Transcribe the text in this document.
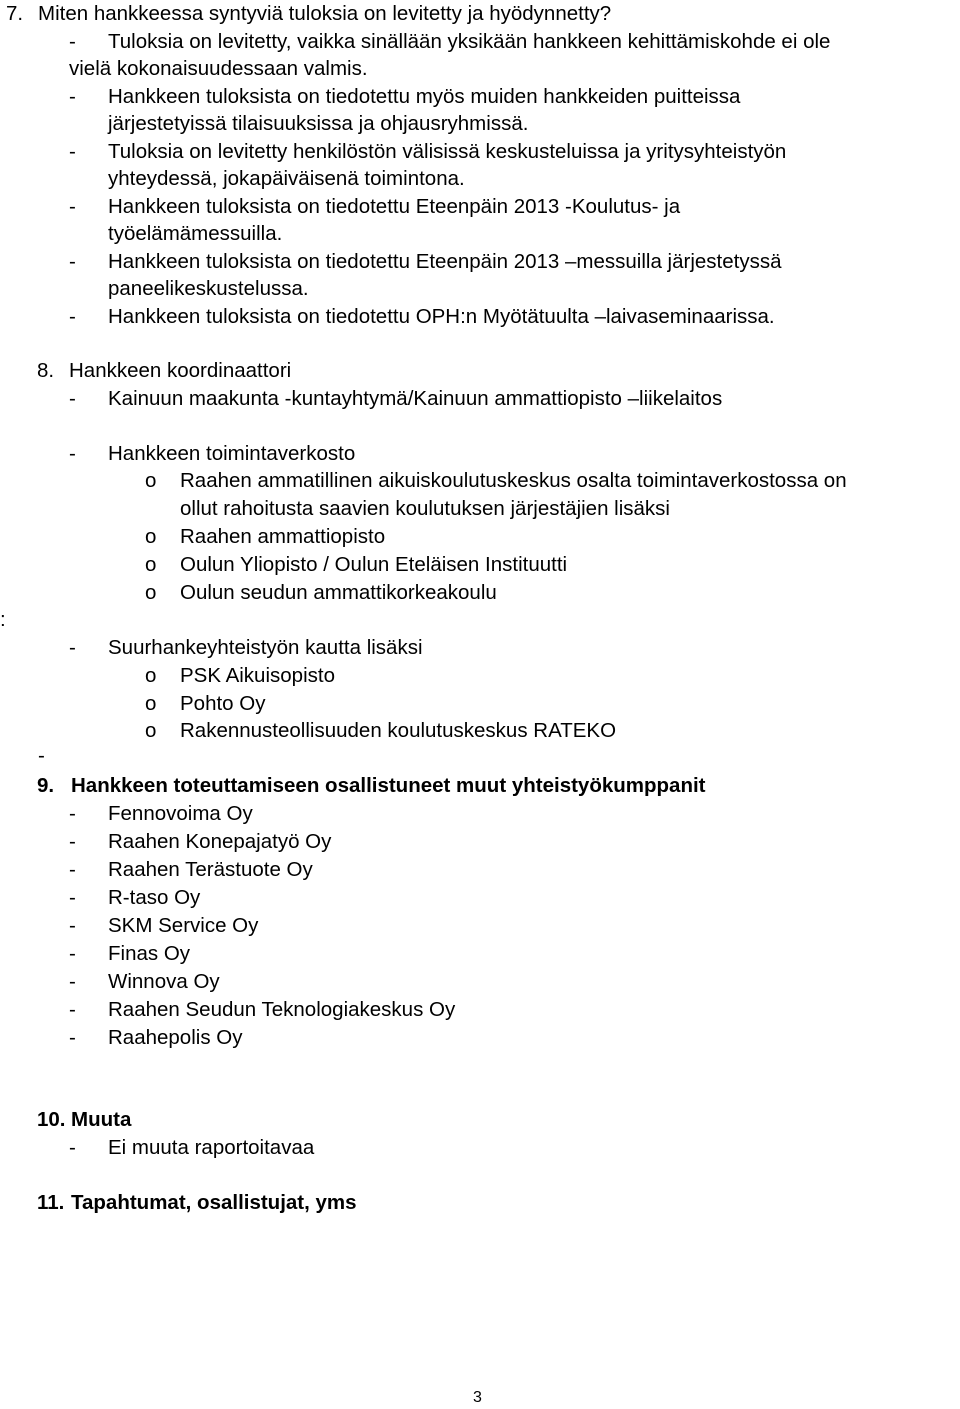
7. Miten hankkeessa syntyviä tuloksia on levitetty ja hyödynnetty?
- Tuloksia on levitetty, vaikka sinällään yksikään hankkeen kehittämiskohde ei ole
vielä kokonaisuudessaan valmis.
- Hankkeen tuloksista on tiedotettu myös muiden hankkeiden puitteissa
järjestetyissä tilaisuuksissa ja ohjausryhmissä.
- Tuloksia on levitetty henkilöstön välisissä keskusteluissa ja yritysyhteistyön
yhteydessä, jokapäiväisenä toimintona.
- Hankkeen tuloksista on tiedotettu Eteenpäin 2013 -Koulutus- ja
työelämämessuilla.
- Hankkeen tuloksista on tiedotettu Eteenpäin 2013 –messuilla järjestetyssä
paneelikeskustelussa.
- Hankkeen tuloksista on tiedotettu OPH:n Myötätuulta –laivaseminaarissa.
8. Hankkeen koordinaattori
- Kainuun maakunta -kuntayhtymä/Kainuun ammattiopisto –liikelaitos
- Hankkeen toimintaverkosto
o Raahen ammatillinen aikuiskoulutuskeskus osalta toimintaverkostossa on
ollut rahoitusta saavien koulutuksen järjestäjien lisäksi
o Raahen ammattiopisto
o Oulun Yliopisto / Oulun Eteläisen Instituutti
o Oulun seudun ammattikorkeakoulu
:
- Suurhankeyhteistyön kautta lisäksi
o PSK Aikuisopisto
o Pohto Oy
o Rakennusteollisuuden koulutuskeskus RATEKO
-
9. Hankkeen toteuttamiseen osallistuneet muut yhteistyökumppanit
- Fennovoima Oy
- Raahen Konepajatyö Oy
- Raahen Terästuote Oy
- R-taso Oy
- SKM Service Oy
- Finas Oy
- Winnova Oy
- Raahen Seudun Teknologiakeskus Oy
- Raahepolis Oy
10. Muuta
- Ei muuta raportoitavaa
11. Tapahtumat, osallistujat, yms
3
